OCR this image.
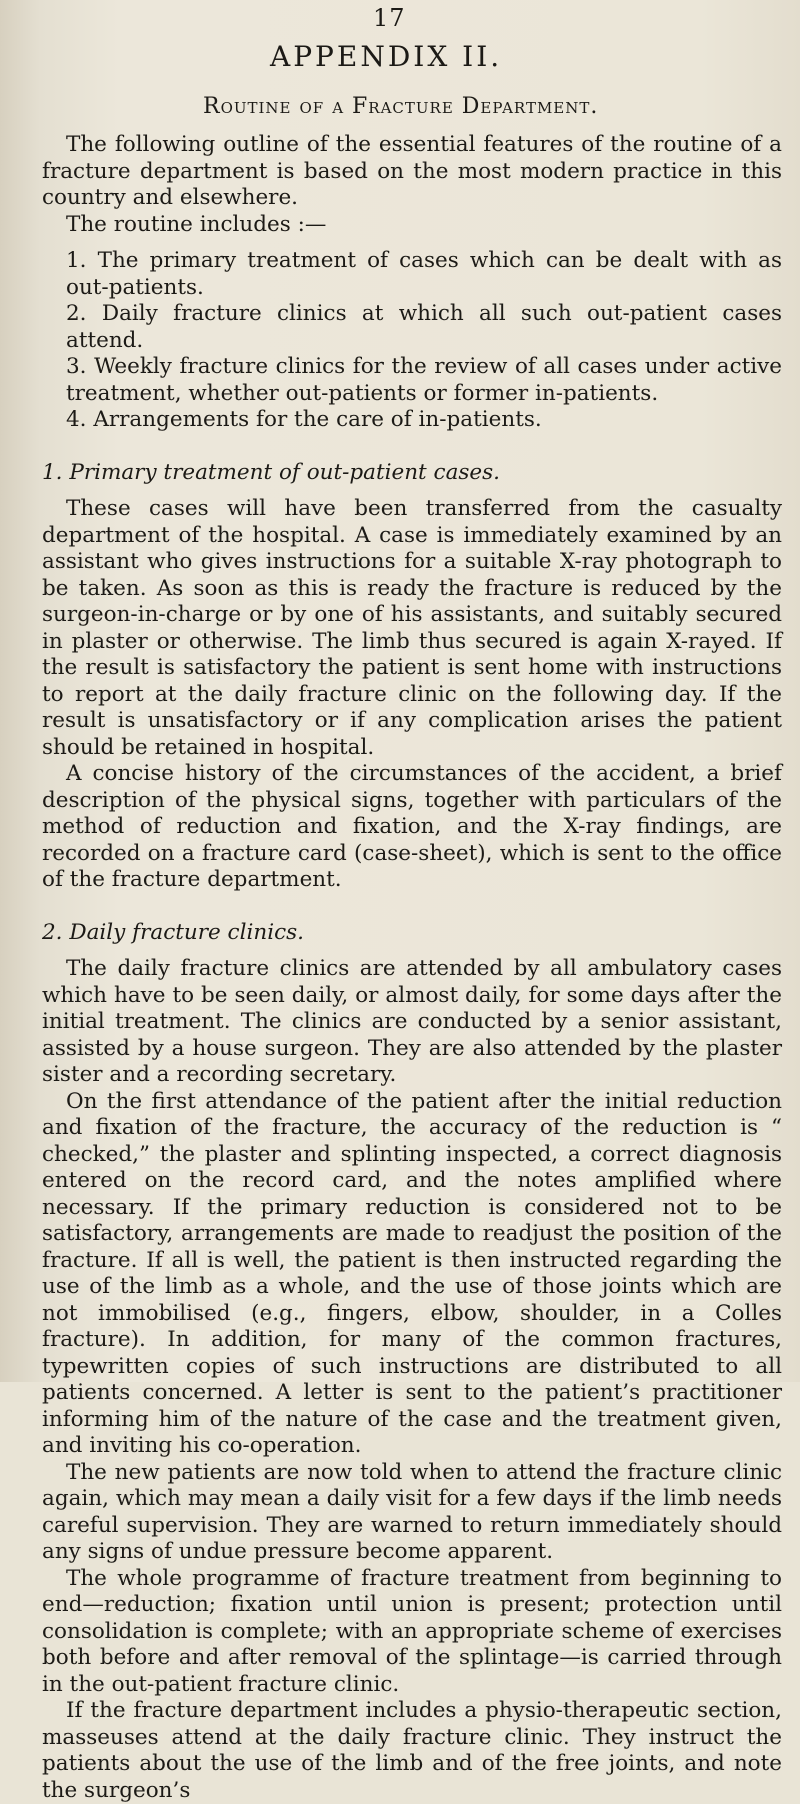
17
APPENDIX II.
Routine of a Fracture Department.

The following outline of the essential features of the routine of a fracture department is based on the most modern practice in this country and elsewhere.

The routine includes :—

1. The primary treatment of cases which can be dealt with as out-patients.

2. Daily fracture clinics at which all such out-patient cases attend.

3. Weekly fracture clinics for the review of all cases under active treatment, whether out-patients or former in-patients.

4. Arrangements for the care of in-patients.

1. Primary treatment of out-patient cases.

These cases will have been transferred from the casualty department of the hospital. A case is immediately examined by an assistant who gives instructions for a suitable X-ray photograph to be taken. As soon as this is ready the fracture is reduced by the surgeon-in-charge or by one of his assistants, and suitably secured in plaster or otherwise. The limb thus secured is again X-rayed. If the result is satisfactory the patient is sent home with instructions to report at the daily fracture clinic on the following day. If the result is unsatisfactory or if any complication arises the patient should be retained in hospital.

A concise history of the circumstances of the accident, a brief description of the physical signs, together with particulars of the method of reduction and fixation, and the X-ray findings, are recorded on a fracture card (case-sheet), which is sent to the office of the fracture department.

2. Daily fracture clinics.

The daily fracture clinics are attended by all ambulatory cases which have to be seen daily, or almost daily, for some days after the initial treatment. The clinics are conducted by a senior assistant, assisted by a house surgeon. They are also attended by the plaster sister and a recording secretary.

On the first attendance of the patient after the initial reduction and fixation of the fracture, the accuracy of the reduction is “ checked,” the plaster and splinting inspected, a correct diagnosis entered on the record card, and the notes amplified where necessary. If the primary reduction is considered not to be satisfactory, arrangements are made to readjust the position of the fracture. If all is well, the patient is then instructed regarding the use of the limb as a whole, and the use of those joints which are not immobilised (e.g., fingers, elbow, shoulder, in a Colles fracture). In addition, for many of the common fractures, typewritten copies of such instructions are distributed to all patients concerned. A letter is sent to the patient’s practitioner informing him of the nature of the case and the treatment given, and inviting his co-operation.

The new patients are now told when to attend the fracture clinic again, which may mean a daily visit for a few days if the limb needs careful supervision. They are warned to return immediately should any signs of undue pressure become apparent.

The whole programme of fracture treatment from beginning to end—reduction; fixation until union is present; protection until consolidation is complete; with an appropriate scheme of exercises both before and after removal of the splintage—is carried through in the out-patient fracture clinic.

If the fracture department includes a physio-therapeutic section, masseuses attend at the daily fracture clinic. They instruct the patients about the use of the limb and of the free joints, and note the surgeon’s
